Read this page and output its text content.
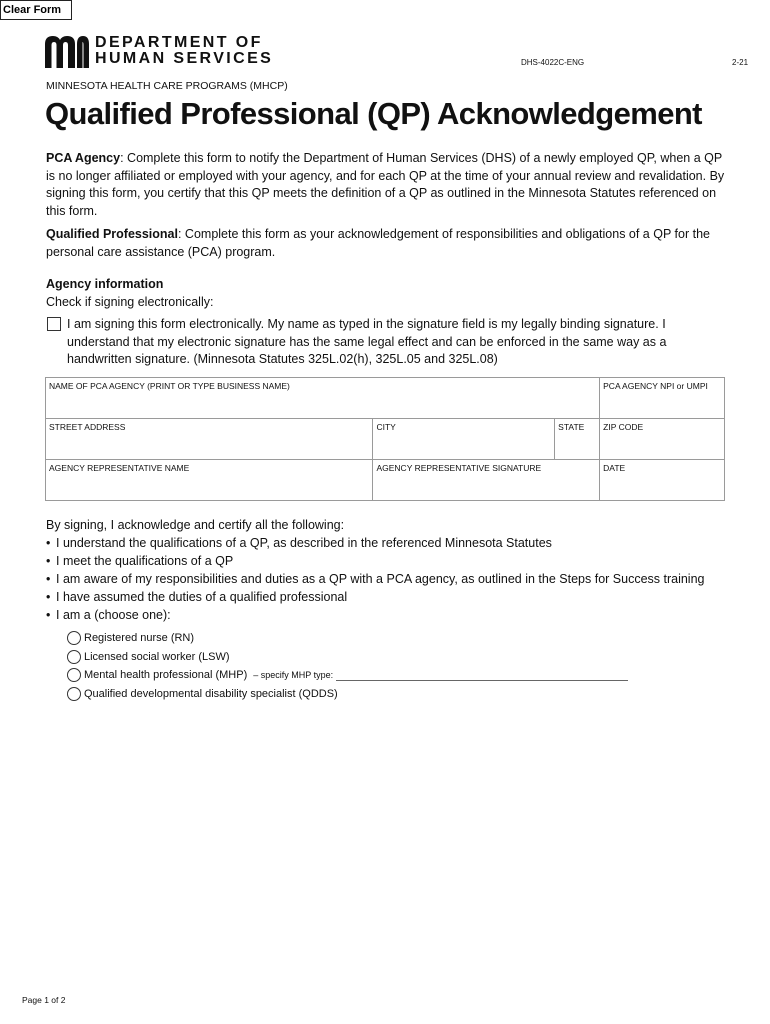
Clear Form
DEPARTMENT OF
HUMAN SERVICES	DHS-4022C-ENG	2-21
MINNESOTA HEALTH CARE PROGRAMS (MHCP)
Qualified Professional (QP) Acknowledgement
PCA Agency: Complete this form to notify the Department of Human Services (DHS) of a newly employed QP, when a QP is no longer affiliated or employed with your agency, and for each QP at the time of your annual review and revalidation. By signing this form, you certify that this QP meets the definition of a QP as outlined in the Minnesota Statutes referenced on this form.
Qualified Professional: Complete this form as your acknowledgement of responsibilities and obligations of a QP for the personal care assistance (PCA) program.
Agency information
Check if signing electronically:
I am signing this form electronically. My name as typed in the signature field is my legally binding signature. I understand that my electronic signature has the same legal effect and can be enforced in the same way as a handwritten signature. (Minnesota Statutes 325L.02(h), 325L.05 and 325L.08)
NAME OF PCA AGENCY (PRINT OR TYPE BUSINESS NAME)			PCA AGENCY NPI or UMPI
STREET ADDRESS	CITY	STATE	ZIP CODE
AGENCY REPRESENTATIVE NAME	AGENCY REPRESENTATIVE SIGNATURE		DATE
By signing, I acknowledge and certify all the following:
• I understand the qualifications of a QP, as described in the referenced Minnesota Statutes
• I meet the qualifications of a QP
• I am aware of my responsibilities and duties as a QP with a PCA agency, as outlined in the Steps for Success training
• I have assumed the duties of a qualified professional
• I am a (choose one):
Registered nurse (RN)
Licensed social worker (LSW)
Mental health professional (MHP) – specify MHP type:
Qualified developmental disability specialist (QDDS)
Page 1 of 2
